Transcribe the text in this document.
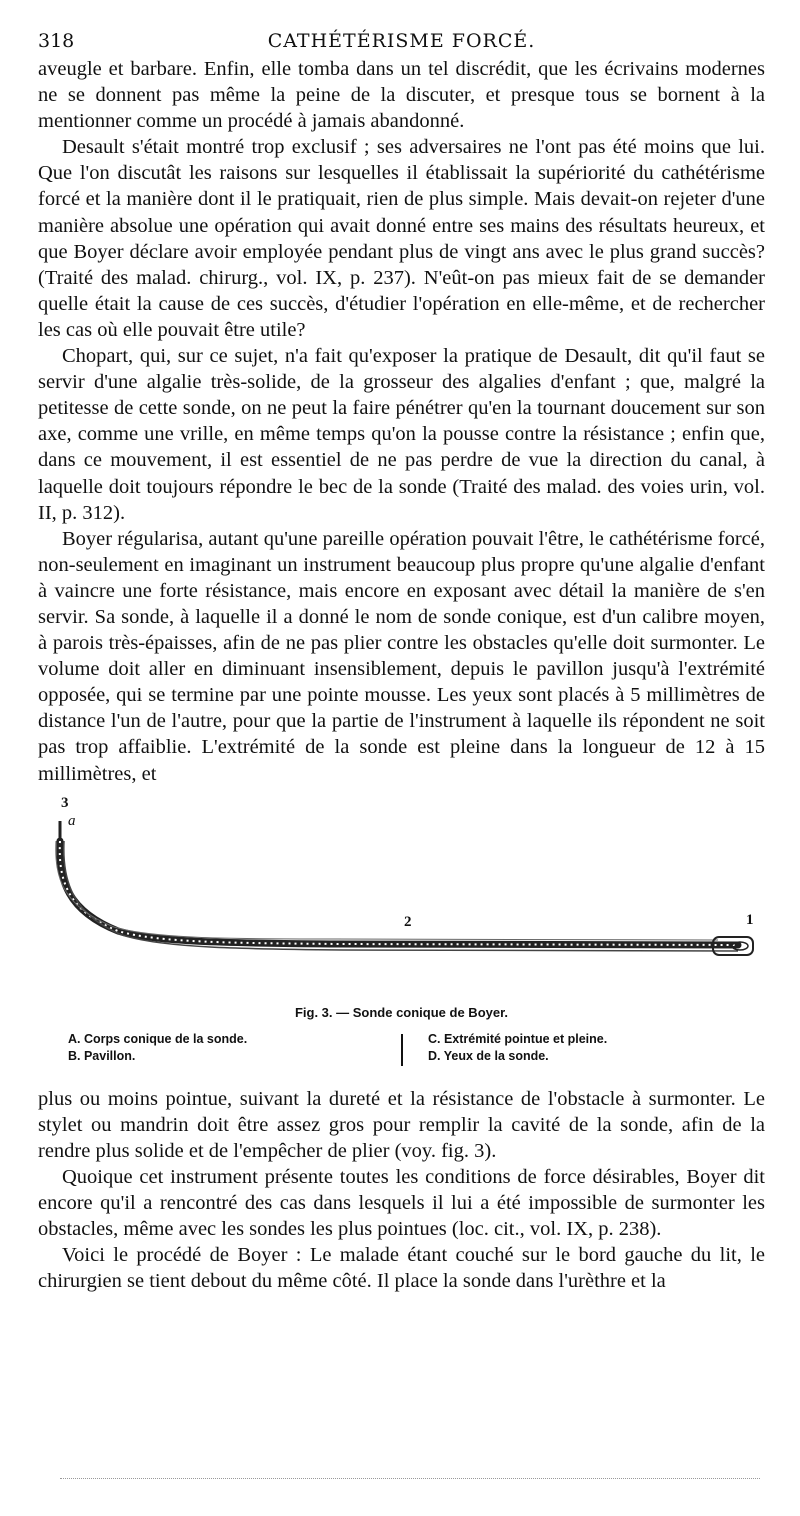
318	CATHÉTÉRISME FORCÉ.

aveugle et barbare. Enfin, elle tomba dans un tel discrédit, que les écrivains modernes ne se donnent pas même la peine de la discuter, et presque tous se bornent à la mentionner comme un procédé à jamais abandonné.

Desault s'était montré trop exclusif ; ses adversaires ne l'ont pas été moins que lui. Que l'on discutât les raisons sur lesquelles il établissait la supériorité du cathétérisme forcé et la manière dont il le pratiquait, rien de plus simple. Mais devait-on rejeter d'une manière absolue une opération qui avait donné entre ses mains des résultats heureux, et que Boyer déclare avoir employée pendant plus de vingt ans avec le plus grand succès? (Traité des malad. chirurg., vol. IX, p. 237). N'eût-on pas mieux fait de se demander quelle était la cause de ces succès, d'étudier l'opération en elle-même, et de rechercher les cas où elle pouvait être utile?

Chopart, qui, sur ce sujet, n'a fait qu'exposer la pratique de Desault, dit qu'il faut se servir d'une algalie très-solide, de la grosseur des algalies d'enfant ; que, malgré la petitesse de cette sonde, on ne peut la faire pénétrer qu'en la tournant doucement sur son axe, comme une vrille, en même temps qu'on la pousse contre la résistance ; enfin que, dans ce mouvement, il est essentiel de ne pas perdre de vue la direction du canal, à laquelle doit toujours répondre le bec de la sonde (Traité des malad. des voies urin, vol. II, p. 312).

Boyer régularisa, autant qu'une pareille opération pouvait l'être, le cathétérisme forcé, non-seulement en imaginant un instrument beaucoup plus propre qu'une algalie d'enfant à vaincre une forte résistance, mais encore en exposant avec détail la manière de s'en servir. Sa sonde, à laquelle il a donné le nom de sonde conique, est d'un calibre moyen, à parois très-épaisses, afin de ne pas plier contre les obstacles qu'elle doit surmonter. Le volume doit aller en diminuant insensiblement, depuis le pavillon jusqu'à l'extrémité opposée, qui se termine par une pointe mousse. Les yeux sont placés à 5 millimètres de distance l'un de l'autre, pour que la partie de l'instrument à laquelle ils répondent ne soit pas trop affaiblie. L'extrémité de la sonde est pleine dans la longueur de 12 à 15 millimètres, et

3
a
2	1
Fig. 3. — Sonde conique de Boyer.
A. Corps conique de la sonde.
B. Pavillon.
C. Extrémité pointue et pleine.
D. Yeux de la sonde.

plus ou moins pointue, suivant la dureté et la résistance de l'obstacle à surmonter. Le stylet ou mandrin doit être assez gros pour remplir la cavité de la sonde, afin de la rendre plus solide et de l'empêcher de plier (voy. fig. 3).

Quoique cet instrument présente toutes les conditions de force désirables, Boyer dit encore qu'il a rencontré des cas dans lesquels il lui a été impossible de surmonter les obstacles, même avec les sondes les plus pointues (loc. cit., vol. IX, p. 238).

Voici le procédé de Boyer : Le malade étant couché sur le bord gauche du lit, le chirurgien se tient debout du même côté. Il place la sonde dans l'urèthre et la
